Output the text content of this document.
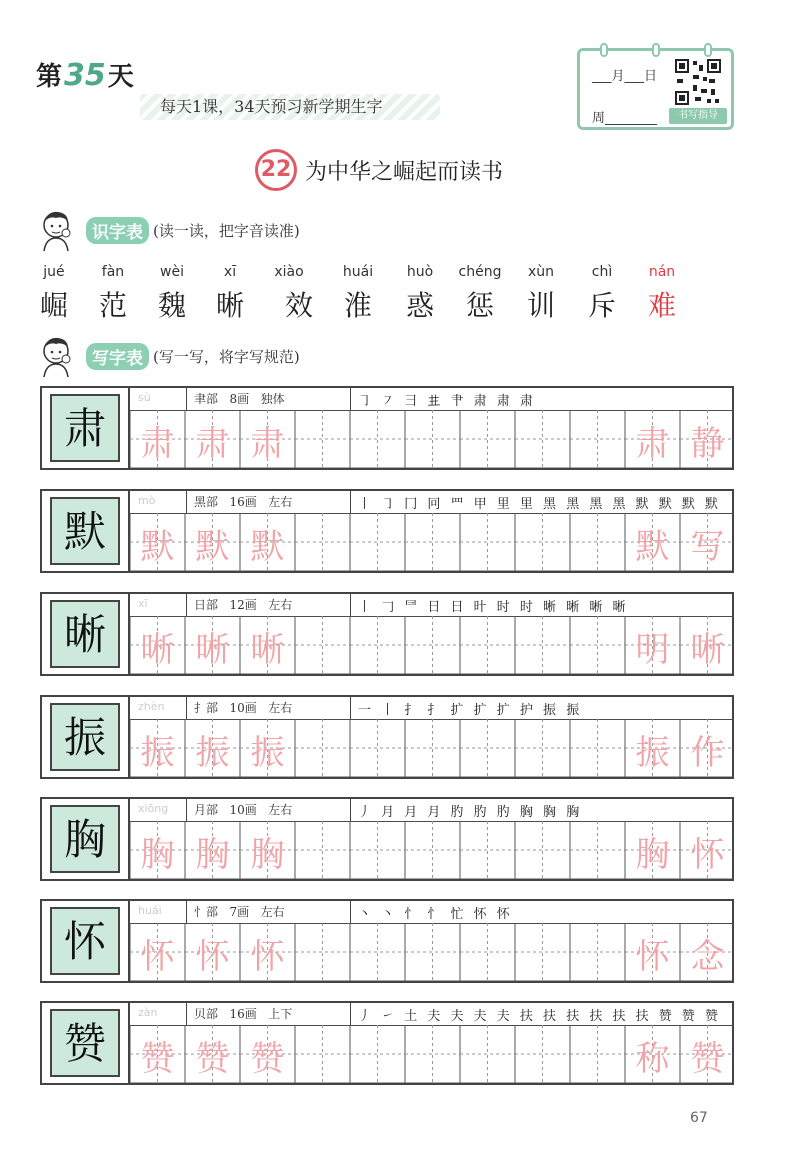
第35天
每天1课，34天预习新学期生字
___月___日
周________	书写指导
22 为中华之崛起而读书
识字表 (读一读，把字音读准)
jué	fàn	wèi	xī	xiào	huái	huò	chéng	xùn	chì	nán
崛	范	魏	晰	效	淮	惑	惩	训	斥	难
写字表 (写一写，将字写规范)
肃
sù	聿部 8画 独体	㇆ ㇇ ⺕ 𠀎 肀 肃 肃 肃
肃 肃 肃	肃 静
默
mò	黑部 16画 左右	丨 ㇆ 冂 冋 罒 甲 里 里 黑 黑 黑 黑 默 默 默 默
默 默 默	默 写
晰
xī	日部 12画 左右	丨 𠃌 ⺜ 日 日 旪 时 时 晰 晰 晰 晰
晰 晰 晰	明 晰
振
zhèn	扌部 10画 左右	一 丨 扌 扌 扩 扩 扩 护 振 振
振 振 振	振 作
胸
xiōng	月部 10画 左右	丿 月 月 月 肑 肑 肑 胸 胸 胸
胸 胸 胸	胸 怀
怀
huái	忄部 7画 左右	丶 丶 忄 忄 忙 怀 怀
怀 怀 怀	怀 念
赞
zàn	贝部 16画 上下	丿 ㇀ 土 夫 夫 夫 夫 扶 扶 扶 扶 扶 扶 赞 赞 赞
赞 赞 赞	称 赞
67
